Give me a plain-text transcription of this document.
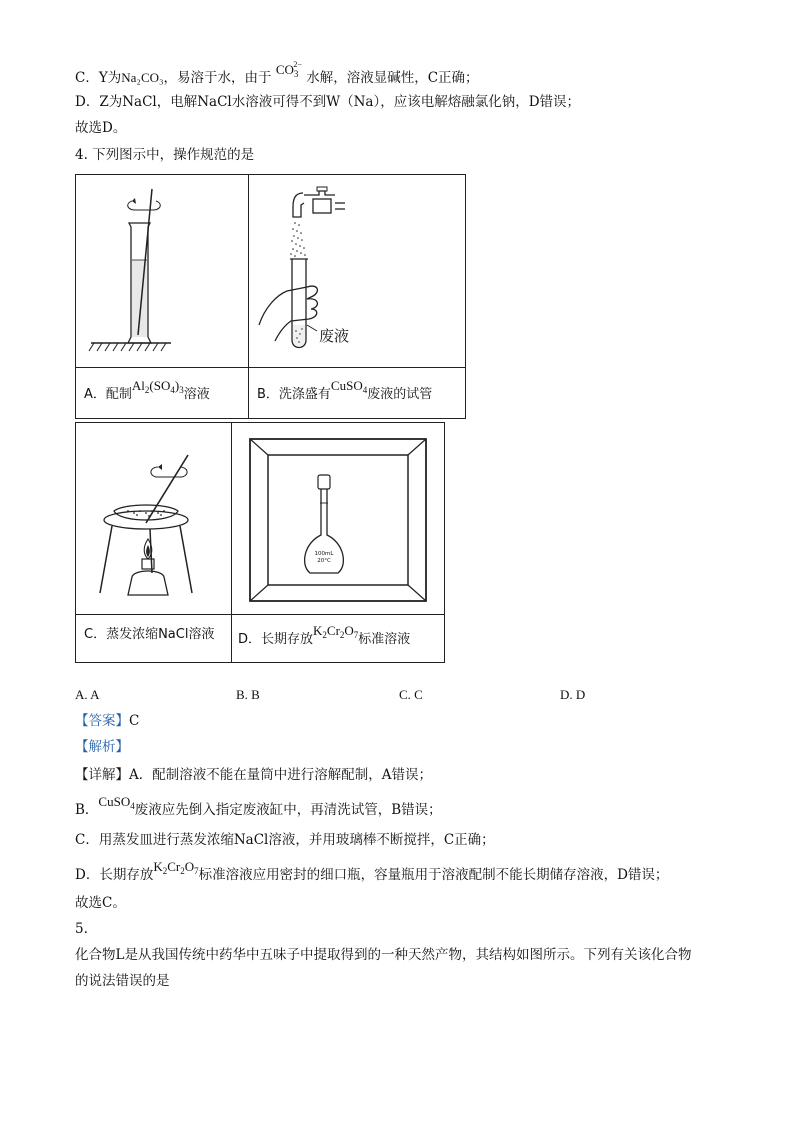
C．Y为Na₂CO₃，易溶于水，由于 $CO_3^{2-}$ 水解，溶液显碱性，C正确；
D．Z为NaCl，电解NaCl水溶液可得不到W（Na），应该电解熔融氯化钠，D错误；
故选D。
4. 下列图示中，操作规范的是
废液
A．配制$Al_2(SO_4)_3$溶液	B．洗涤盛有CuSO$_4$废液的试管
100mL
20°C
C．蒸发浓缩NaCl溶液 D．长期存放$K_2Cr_2O_7$标准溶液
A. A	B. B	C. C	D. D
【答案】C
【解析】
【详解】A．配制溶液不能在量筒中进行溶解配制，A错误；
B．CuSO$_4$废液应先倒入指定废液缸中，再清洗试管，B错误；
C．用蒸发皿进行蒸发浓缩NaCl溶液，并用玻璃棒不断搅拌，C正确；
D．长期存放$K_2Cr_2O_7$标准溶液应用密封的细口瓶，容量瓶用于溶液配制不能长期储存溶液，D错误；
故选C。
5.
化合物L是从我国传统中药华中五味子中提取得到的一种天然产物，其结构如图所示。下列有关该化合物
的说法错误的是
